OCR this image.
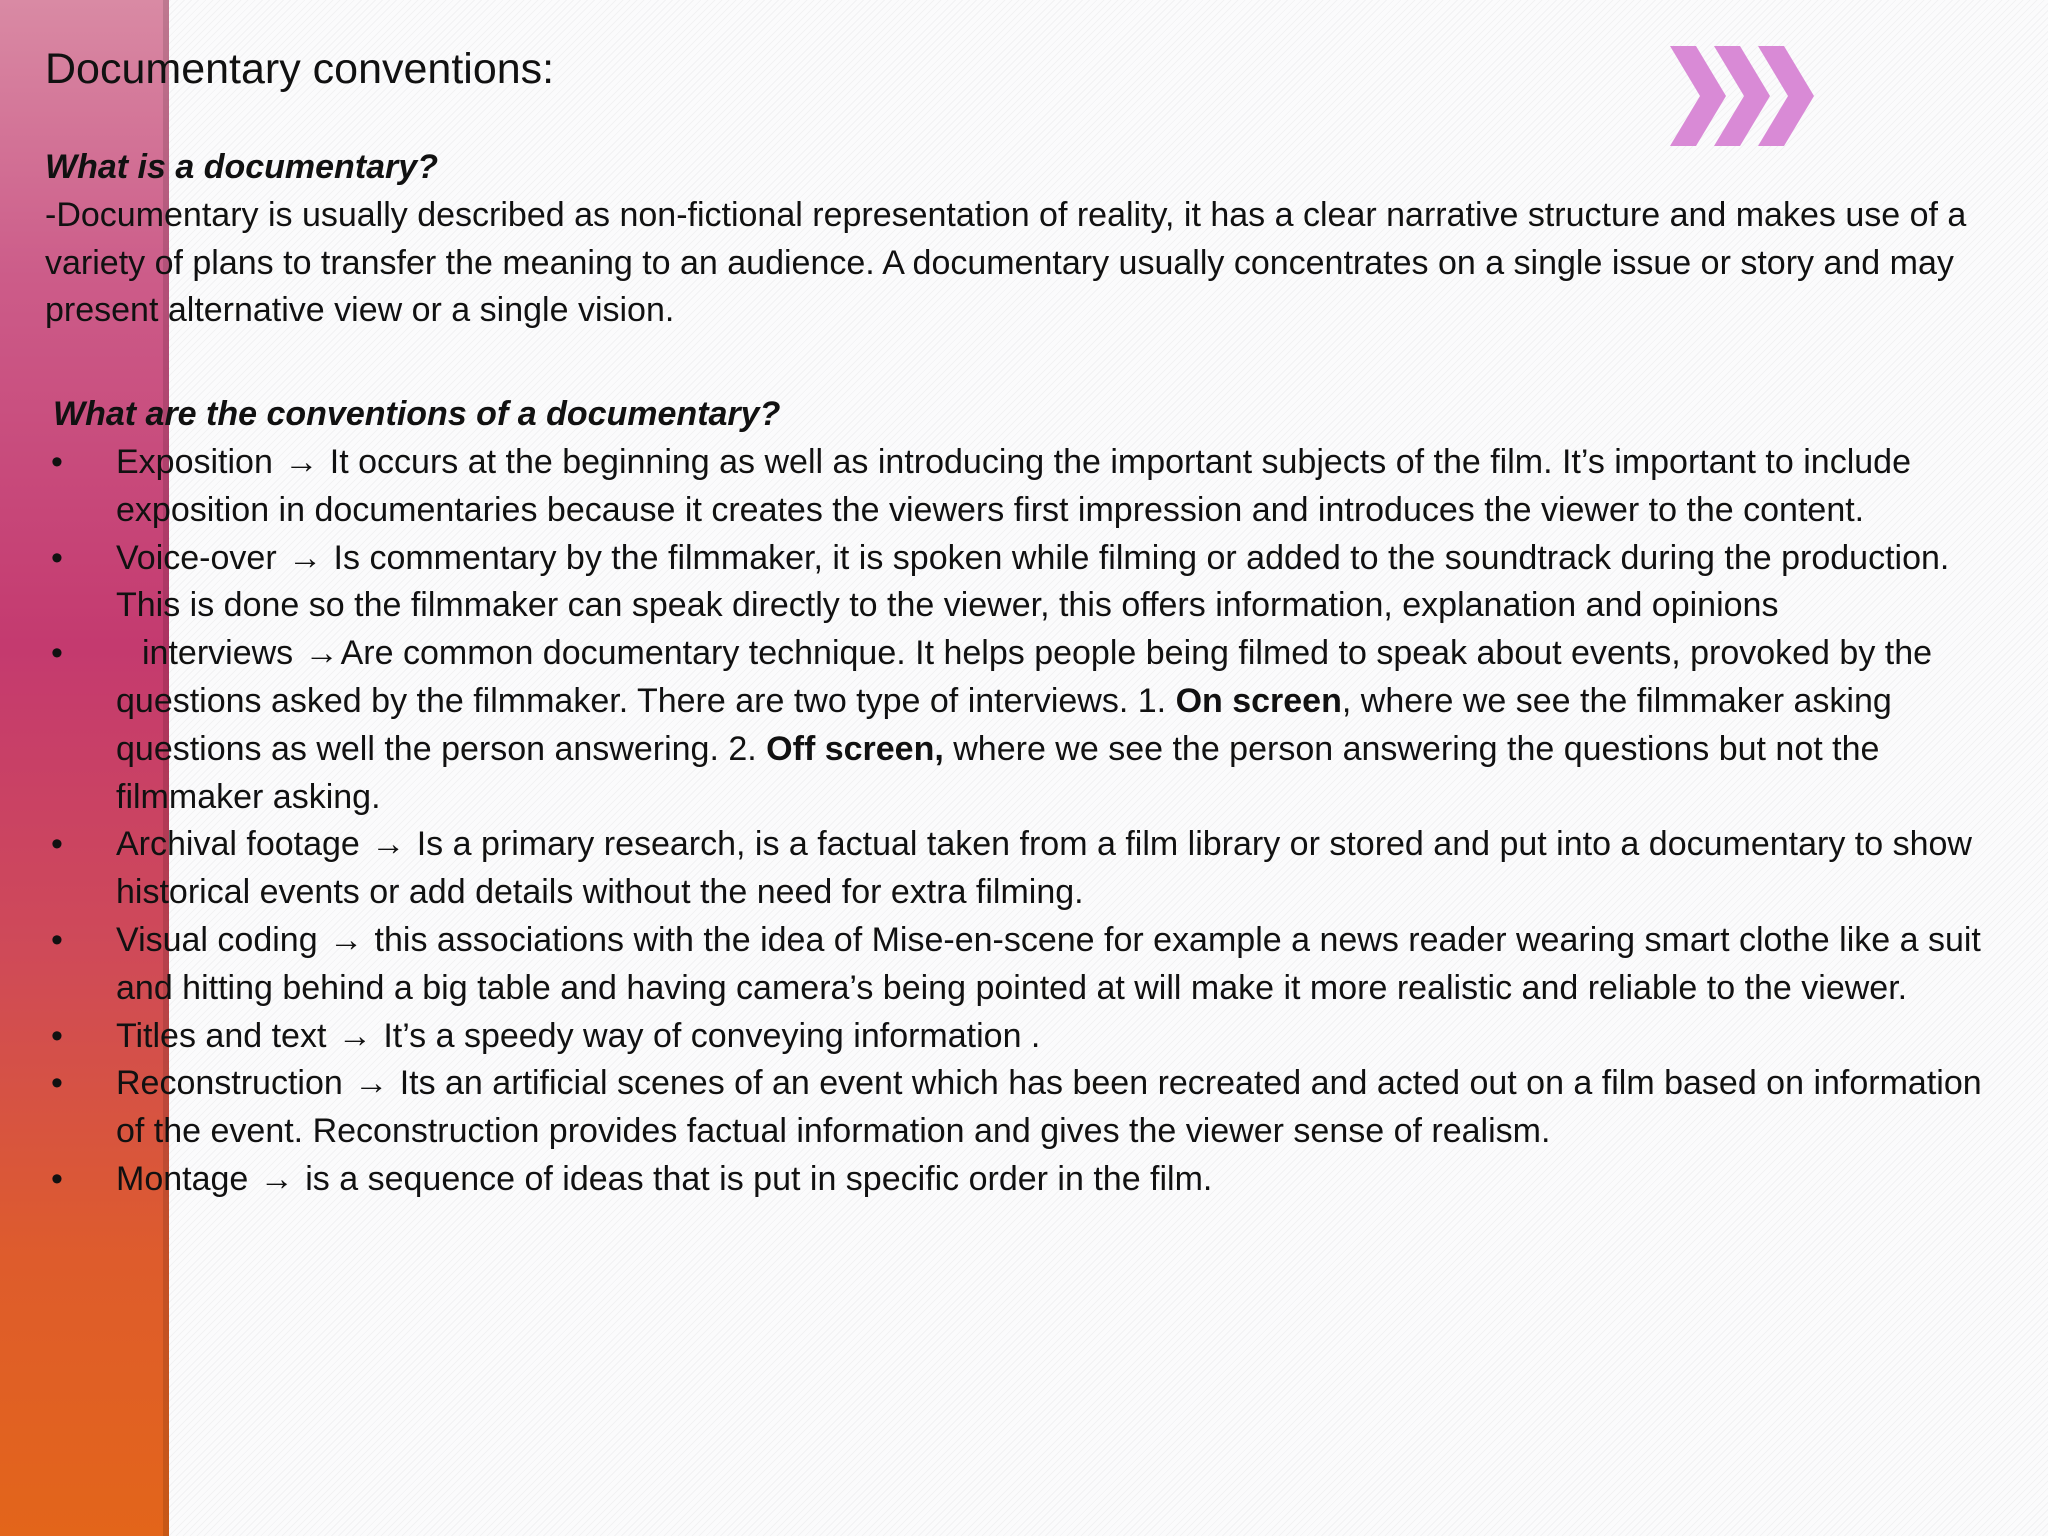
Documentary conventions:

What is a documentary?

-Documentary is usually described as non-fictional representation of reality, it has a clear narrative structure and makes use of a variety of plans to transfer the meaning to an audience. A documentary usually concentrates on a single issue or story and may present alternative view or a single vision.

What are the conventions of a documentary?

• Exposition → It occurs at the beginning as well as introducing the important subjects of the film. It’s important to include exposition in documentaries because it creates the viewers first impression and introduces the viewer to the content.
• Voice-over → Is commentary by the filmmaker, it is spoken while filming or added to the soundtrack during the production. This is done so the filmmaker can speak directly to the viewer, this offers information, explanation and opinions
• interviews →Are common documentary technique. It helps people being filmed to speak about events, provoked by the questions asked by the filmmaker. There are two type of interviews. 1. On screen, where we see the filmmaker asking questions as well the person answering. 2. Off screen, where we see the person answering the questions but not the filmmaker asking.
• Archival footage → Is a primary research, is a factual taken from a film library or stored and put into a documentary to show historical events or add details without the need for extra filming.
• Visual coding → this associations with the idea of Mise-en-scene for example a news reader wearing smart clothe like a suit and hitting behind a big table and having camera’s being pointed at will make it more realistic and reliable to the viewer.
• Titles and text → It’s a speedy way of conveying information .
• Reconstruction → Its an artificial scenes of an event which has been recreated and acted out on a film based on information of the event. Reconstruction provides factual information and gives the viewer sense of realism.
• Montage → is a sequence of ideas that is put in specific order in the film.
